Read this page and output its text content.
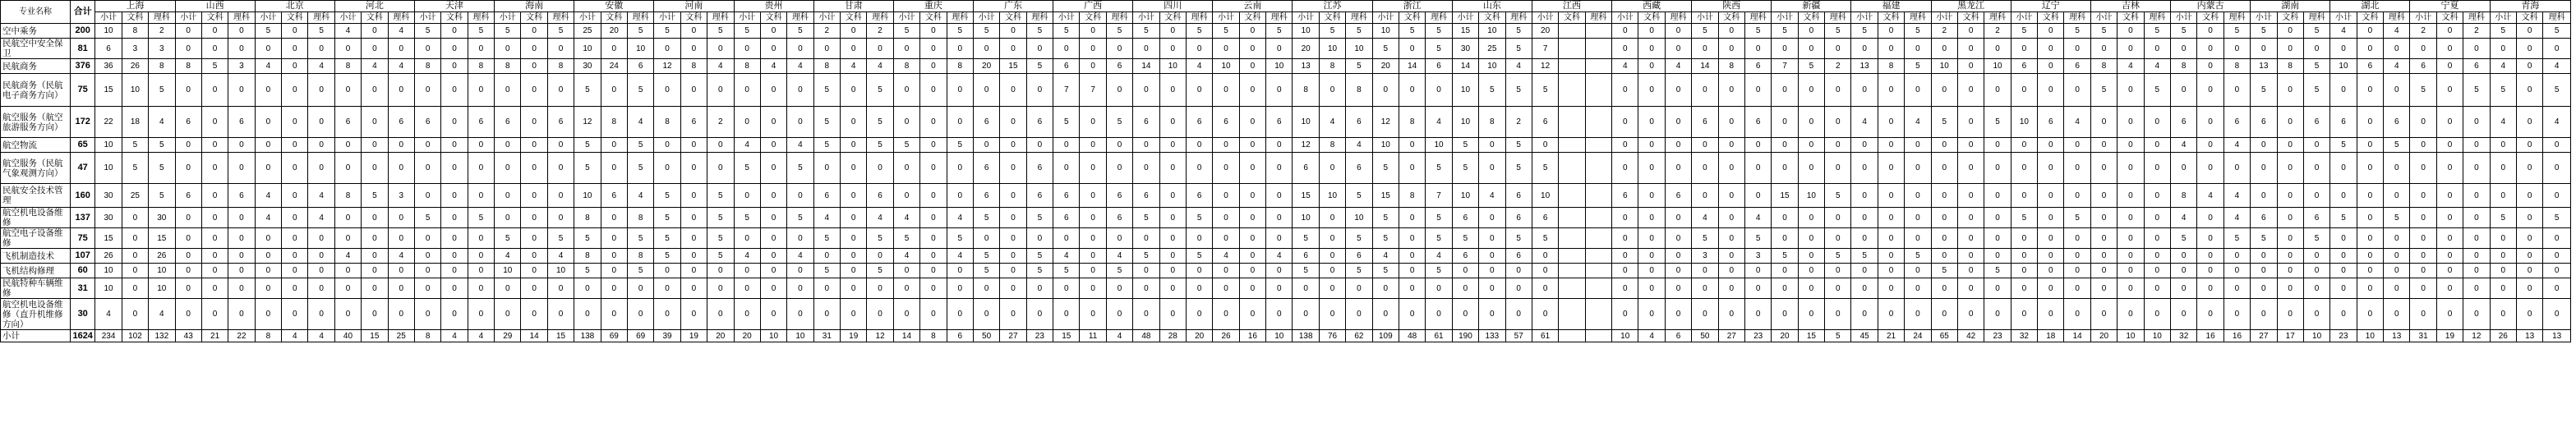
专业名称	合计	上海	山西	北京	河北	天津	海南	安徽	河南	贵州	甘肃	重庆	广东	广西	四川	云南	江苏	浙江	山东	江西	西藏	陕西	新疆	福建	黑龙江	辽宁	吉林	内蒙古	湖南	湖北	宁夏	青海
小计	文科	理科	小计	文科	理科	小计	文科	理科	小计	文科	理科	小计	文科	理科	小计	文科	理科	小计	文科	理科	小计	文科	理科	小计	文科	理科	小计	文科	理科	小计	文科	理科	小计	文科	理科	小计	文科	理科	小计	文科	理科	小计	文科	理科	小计	文科	理科	小计	文科	理科	小计	文科	理科	小计	文科	理科	小计	文科	理科	小计	文科	理科	小计	文科	理科	小计	文科	理科	小计	文科	理科	小计	文科	理科	小计	文科	理科	小计	文科	理科	小计	文科	理科	小计	文科	理科	小计	文科	理科	小计	文科	理科
空中乘务	200	10	8	2	0	0	0	5	0	5	4	0	4	5	0	5	5	0	5	25	20	5	5	0	5	5	0	5	2	0	2	5	0	5	5	0	5	5	0	5	5	0	5	5	0	5	10	5	5	10	5	5	15	10	5	20			0	0	0	5	0	5	5	0	5	5	0	5	2	0	2	5	0	5	5	0	5	5	0	5	5	0	5	4	0	4	2	0	2	5	0	5
民航空中安全保卫	81	6	3	3	0	0	0	0	0	0	0	0	0	0	0	0	0	0	0	10	0	10	0	0	0	0	0	0	0	0	0	0	0	0	0	0	0	0	0	0	0	0	0	0	0	0	20	10	10	5	0	5	30	25	5	7			0	0	0	0	0	0	0	0	0	0	0	0	0	0	0	0	0	0	0	0	0	0	0	0	0	0	0	0	0	0	0	0	0	0	0	0
民航商务	376	36	26	8	8	5	3	4	0	4	8	4	4	8	0	8	8	0	8	30	24	6	12	8	4	8	4	4	8	4	4	8	0	8	20	15	5	6	0	6	14	10	4	10	0	10	13	8	5	20	14	6	14	10	4	12			4	0	4	14	8	6	7	5	2	13	8	5	10	0	10	6	0	6	8	4	4	8	0	8	13	8	5	10	6	4	6	0	6	4	0	4
民航商务（民航电子商务方向）	75	15	10	5	0	0	0	0	0	0	0	0	0	0	0	0	0	0	0	5	0	5	0	0	0	0	0	0	5	0	5	0	0	0	0	0	0	7	7	0	0	0	0	0	0	0	8	0	8	0	0	0	10	5	5	5			0	0	0	0	0	0	0	0	0	0	0	0	0	0	0	0	0	0	5	0	5	0	0	0	5	0	5	0	0	0	5	0	5	5	0	5
航空服务（航空旅游服务方向）	172	22	18	4	6	0	6	0	0	0	6	0	6	6	0	6	6	0	6	12	8	4	8	6	2	0	0	0	5	0	5	0	0	0	6	0	6	5	0	5	6	0	6	6	0	6	10	4	6	12	8	4	10	8	2	6			0	0	0	6	0	6	0	0	0	4	0	4	5	0	5	10	6	4	0	0	0	6	0	6	6	0	6	6	0	6	0	0	0	4	0	4
航空物流	65	10	5	5	0	0	0	0	0	0	0	0	0	0	0	0	0	0	0	5	0	5	0	0	0	4	0	4	5	0	5	5	0	5	0	0	0	0	0	0	0	0	0	0	0	0	12	8	4	10	0	10	5	0	5	0			0	0	0	0	0	0	0	0	0	0	0	0	0	0	0	0	0	0	0	0	0	4	0	4	0	0	0	5	0	5	0	0	0	0	0	0
航空服务（民航气象观测方向）	47	10	5	5	0	0	0	0	0	0	0	0	0	0	0	0	0	0	0	5	0	5	0	0	0	5	0	5	0	0	0	0	0	0	6	0	6	0	0	0	0	0	0	0	0	0	6	0	6	5	0	5	5	0	5	5			0	0	0	0	0	0	0	0	0	0	0	0	0	0	0	0	0	0	0	0	0	0	0	0	0	0	0	0	0	0	0	0	0	0	0	0
民航安全技术管理	160	30	25	5	6	0	6	4	0	4	8	5	3	0	0	0	0	0	0	10	6	4	5	0	5	0	0	0	6	0	6	0	0	0	6	0	6	6	0	6	6	0	6	0	0	0	15	10	5	15	8	7	10	4	6	10			6	0	6	0	0	0	15	10	5	0	0	0	0	0	0	0	0	0	0	0	0	8	4	4	0	0	0	0	0	0	0	0	0	0	0	0
航空机电设备维修	137	30	0	30	0	0	0	4	0	4	0	0	0	5	0	5	0	0	0	8	0	8	5	0	5	5	0	5	4	0	4	4	0	4	5	0	5	6	0	6	5	0	5	0	0	0	10	0	10	5	0	5	6	0	6	6			0	0	0	4	0	4	0	0	0	0	0	0	0	0	0	5	0	5	0	0	0	4	0	4	6	0	6	5	0	5	0	0	0	5	0	5
航空电子设备维修	75	15	0	15	0	0	0	0	0	0	0	0	0	0	0	0	5	0	5	5	0	5	5	0	5	0	0	0	5	0	5	5	0	5	0	0	0	0	0	0	0	0	0	0	0	0	5	0	5	5	0	5	5	0	5	5			0	0	0	5	0	5	0	0	0	0	0	0	0	0	0	0	0	0	0	0	0	5	0	5	5	0	5	0	0	0	0	0	0	0	0	0
飞机制造技术	107	26	0	26	0	0	0	0	0	0	4	0	4	0	0	0	4	0	4	8	0	8	5	0	5	4	0	4	0	0	0	4	0	4	5	0	5	4	0	4	5	0	5	4	0	4	6	0	6	4	0	4	6	0	6	0			0	0	0	3	0	3	5	0	5	5	0	5	0	0	0	0	0	0	0	0	0	0	0	0	0	0	0	0	0	0	0	0	0	0	0	0
飞机结构修理	60	10	0	10	0	0	0	0	0	0	0	0	0	0	0	0	10	0	10	5	0	5	0	0	0	0	0	0	5	0	5	0	0	0	5	0	5	5	0	5	0	0	0	0	0	0	5	0	5	5	0	5	0	0	0	0			0	0	0	0	0	0	0	0	0	0	0	0	5	0	5	0	0	0	0	0	0	0	0	0	0	0	0	0	0	0	0	0	0	0	0	0
民航特种车辆维修	31	10	0	10	0	0	0	0	0	0	0	0	0	0	0	0	0	0	0	0	0	0	0	0	0	0	0	0	0	0	0	0	0	0	0	0	0	0	0	0	0	0	0	0	0	0	0	0	0	0	0	0	0	0	0	0			0	0	0	0	0	0	0	0	0	0	0	0	0	0	0	0	0	0	0	0	0	0	0	0	0	0	0	0	0	0	0	0	0	0	0	0
航空机电设备维修（直升机维修方向）	30	4	0	4	0	0	0	0	0	0	0	0	0	0	0	0	0	0	0	0	0	0	0	0	0	0	0	0	0	0	0	0	0	0	0	0	0	0	0	0	0	0	0	0	0	0	0	0	0	0	0	0	0	0	0	0			0	0	0	0	0	0	0	0	0	0	0	0	0	0	0	0	0	0	0	0	0	0	0	0	0	0	0	0	0	0	0	0	0	0	0	0
小计	1624	234	102	132	43	21	22	8	4	4	40	15	25	8	4	4	29	14	15	138	69	69	39	19	20	20	10	10	31	19	12	14	8	6	50	27	23	15	11	4	48	28	20	26	16	10	138	76	62	109	48	61	190	133	57	61			10	4	6	50	27	23	20	15	5	45	21	24	65	42	23	32	18	14	20	10	10	32	16	16	27	17	10	23	10	13	31	19	12	26	13	13
